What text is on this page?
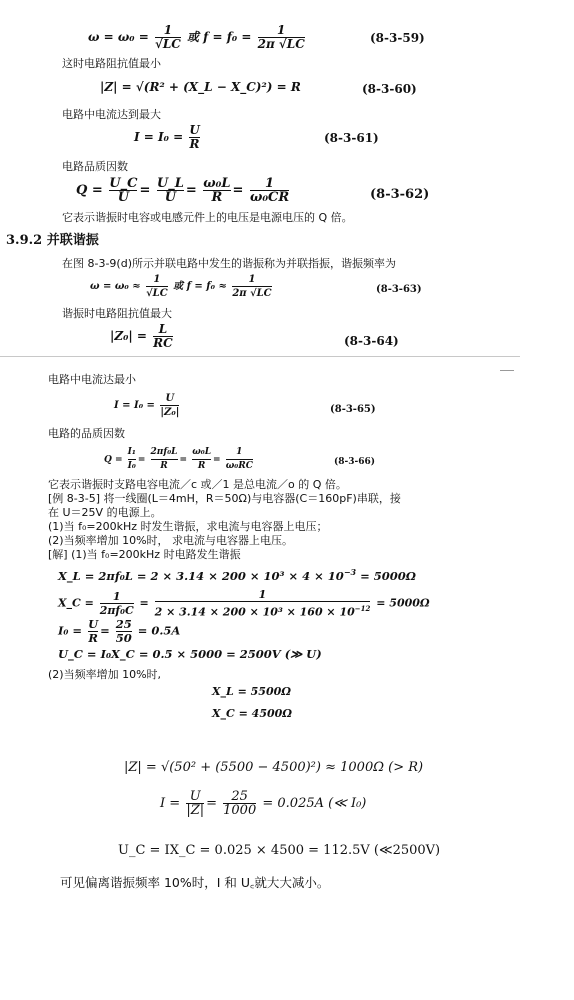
$\omega = \omega_0 = \frac{1}{√LC}$ 或 $f = f_0 = \frac{1}{2\pi √LC}$	(8-3-59)
这时电路阻抗值最小
|Z| = √(R² + (X_L − X_C)²) = R	(8-3-60)
电路中电流达到最大
$I = I_0 = \frac{U}{R}$	(8-3-61)
电路品质因数
$Q = \frac{U\_C}{U} = \frac{U\_L}{U} = \frac{\text{ω₀L}}{R} = \frac{1}{\text{ω₀CR}}$	(8-3-62)
它表示谐振时电容或电感元件上的电压是电源电压的 Q 倍。
3.9.2 并联谐振
在图 8-3-9(d)所示并联电路中发生的谐振称为并联指振，谐振频率为
$\omega = \omega_0 \approx \frac{1}{√LC}$ 或 $f = f_0 \approx \frac{1}{2\pi √LC}$	(8-3-63)
谐振时电路阻抗值最大
$|Z_0| = \frac{L}{RC}$	(8-3-64)
电路中电流达最小
$I = I_0 = \frac{U}{\text{|Z₀|}}$	(8-3-65)
电路的品质因数
$Q = \frac{\text{I₁}}{\text{I₀}} = \frac{\text{2πf₀L}}{R} = \frac{\text{ω₀L}}{R} = \frac{1}{\text{ω₀RC}}$	(8-3-66)
它表示谐振时支路电容电流／c 或／1 是总电流／o 的 Q 倍。
[例 8-3-5] 将一线圈(L＝4mH，R＝50Ω)与电容器(C＝160pF)串联，接
在 U＝25V 的电源上。
(1)当 f₀=200kHz 时发生谐振，求电流与电容器上电压；
(2)当频率增加 10%时， 求电流与电容器上电压。
[解] (1)当 f₀=200kHz 时电路发生谐振
X_L = $2\pi f_0L = 2 \times 3.14 \times 200 \times 10^3 \times 4 \times 10^{-3} = 5000\Omega$
X_C = $\frac{1}{\text{2πf₀C}} = \frac{1}{2 \times 3.14 \times 200 \times 10^3 \times 160 \times 10^{-12}} = 5000\Omega$
$I_0 = \frac{U}{R} = \frac{25}{50} = 0.5A$
U_C = I₀X_C = 0.5 × 5000 = 2500V (≫ U)
(2)当频率增加 10%时,
X_L = 5500Ω
X_C = 4500Ω
|Z| = √(50² + (5500 − 4500)²) ≈ 1000Ω (> R)
$I = \frac{U}{|Z|} = \frac{25}{1000} = 0.025A$ (≪ I₀)
U_C = IX_C = 0.025 × 4500 = 112.5V (≪2500V)
可见偏离谐振频率 10%时，I 和 U꜀就大大减小。
